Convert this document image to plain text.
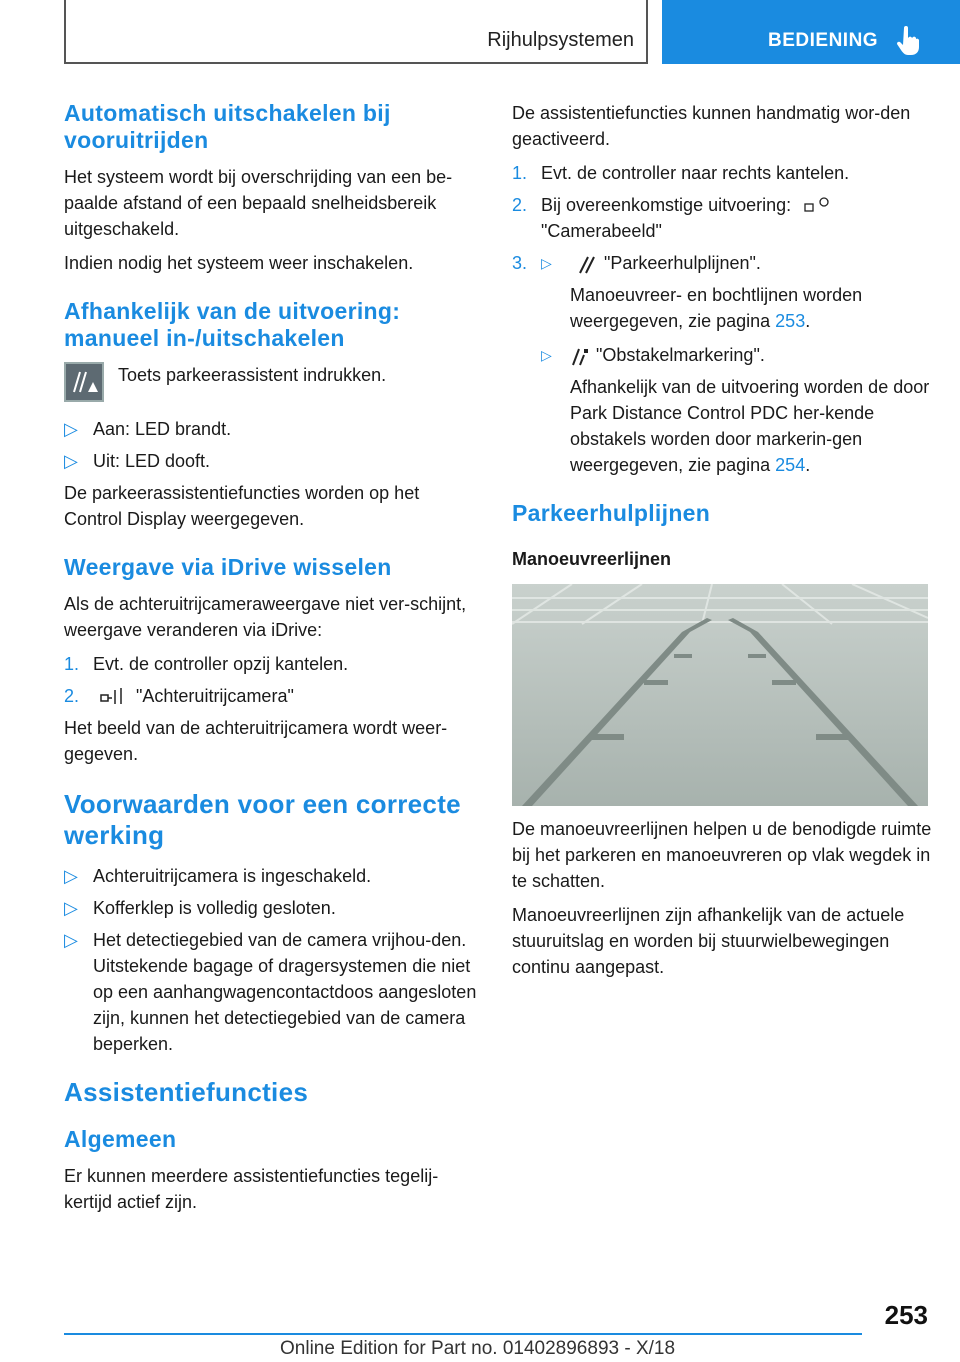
Rijhulpsystemen	BEDIENING
Automatisch uitschakelen bij vooruitrijden

Het systeem wordt bij overschrijding van een be-paalde afstand of een bepaald snelheidsbereik uitgeschakeld.

Indien nodig het systeem weer inschakelen.

Afhankelijk van de uitvoering: manueel in-/uitschakelen

Toets parkeerassistent indrukken.

▷ Aan: LED brandt.
▷ Uit: LED dooft.

De parkeerassistentiefuncties worden op het Control Display weergegeven.

Weergave via iDrive wisselen

Als de achteruitrijcameraweergave niet ver-schijnt, weergave veranderen via iDrive:

1. Evt. de controller opzij kantelen.
2.	"Achteruitrijcamera"

Het beeld van de achteruitrijcamera wordt weer-gegeven.

Voorwaarden voor een correcte werking
▷ Achteruitrijcamera is ingeschakeld.
▷ Kofferklep is volledig gesloten.
▷ Het detectiegebied van de camera vrijhou-den. Uitstekende bagage of dragersystemen die niet op een aanhangwagencontactdoos aangesloten zijn, kunnen het detectiegebied van de camera beperken.
Assistentiefuncties
Algemeen

Er kunnen meerdere assistentiefuncties tegelij-kertijd actief zijn.

De assistentiefuncties kunnen handmatig wor-den geactiveerd.

1. Evt. de controller naar rechts kantelen.
2. Bij overeenkomstige uitvoering:
"Camerabeeld"
3. ▷	"Parkeerhulplijnen".
Manoeuvreer- en bochtlijnen worden weergegeven, zie pagina 253.
▷ "Obstakelmarkering".
Afhankelijk van de uitvoering worden de door Park Distance Control PDC her-kende obstakels worden door markerin-gen weergegeven, zie pagina 254.
Parkeerhulplijnen
Manoeuvreerlijnen

De manoeuvreerlijnen helpen u de benodigde ruimte bij het parkeren en manoeuvreren op vlak wegdek in te schatten.

Manoeuvreerlijnen zijn afhankelijk van de actuele stuuruitslag en worden bij stuurwielbewegingen continu aangepast.

253
Online Edition for Part no. 01402896893 - X/18
